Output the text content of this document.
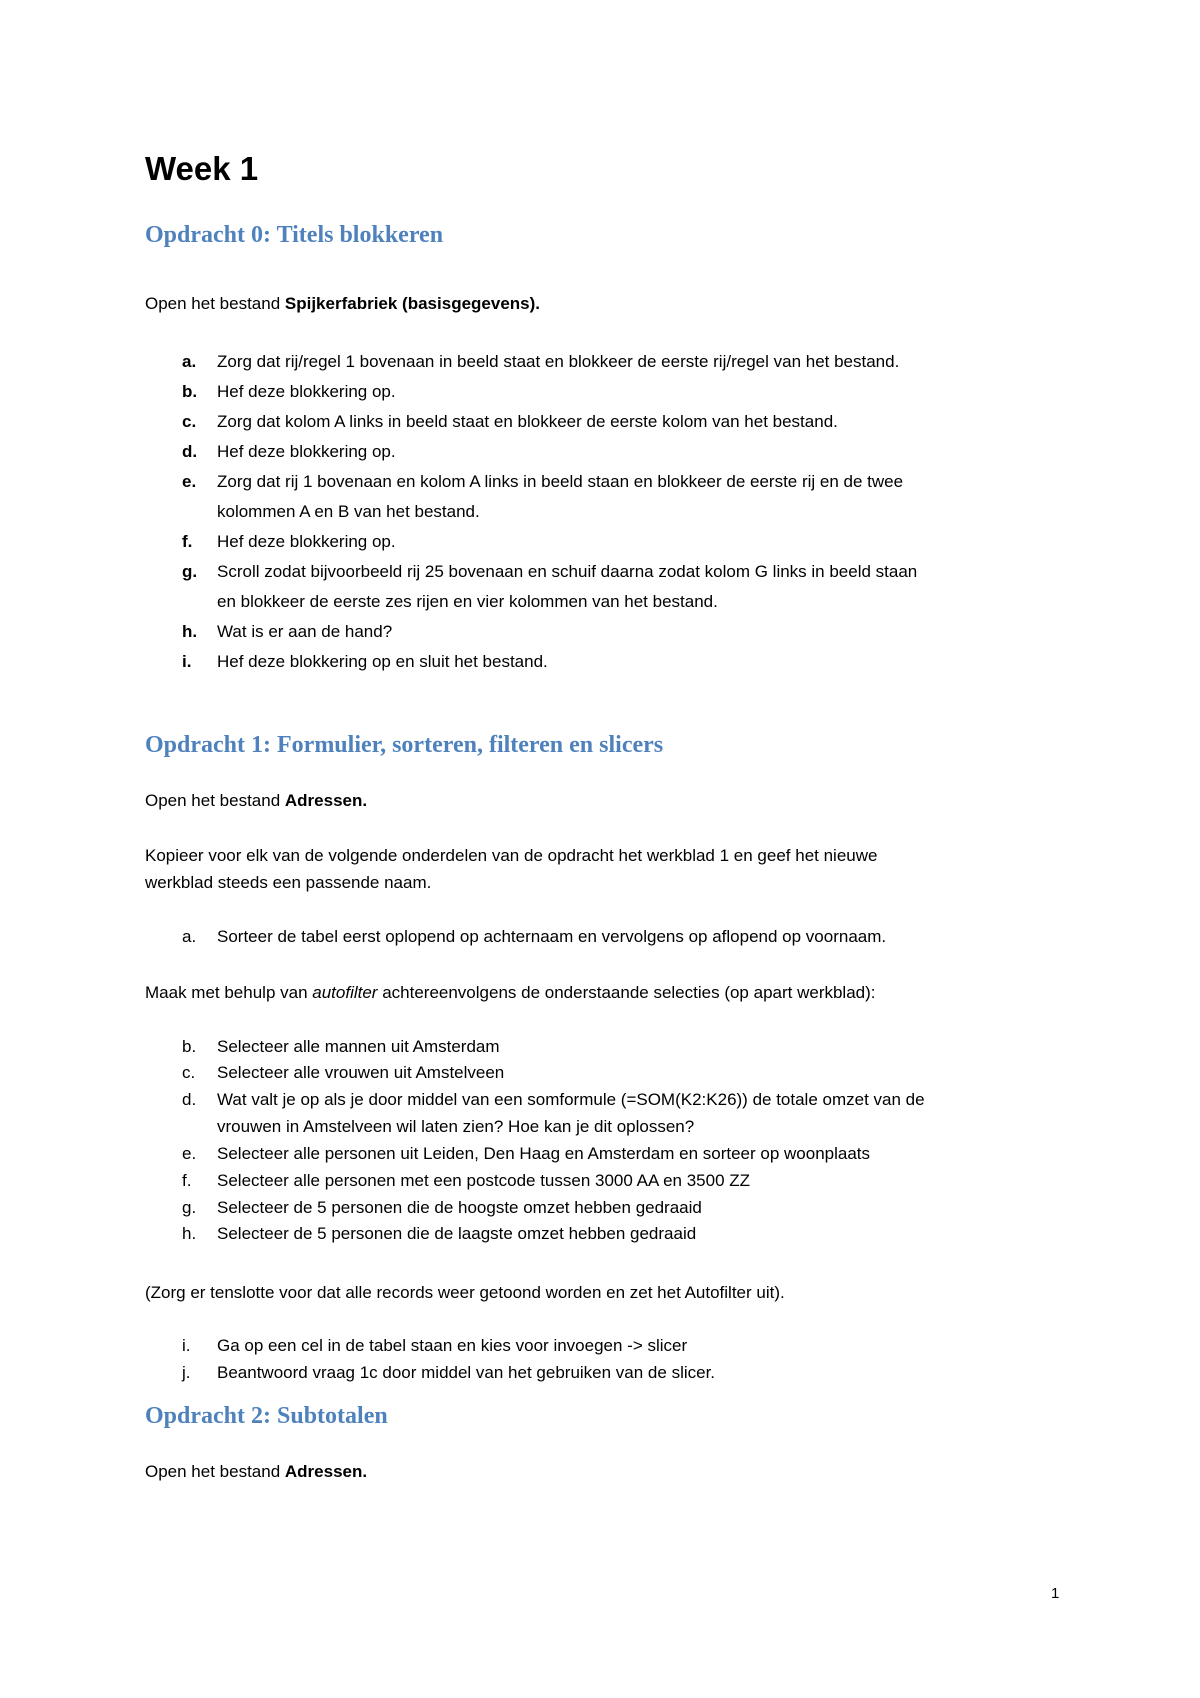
Week 1
Opdracht 0: Titels blokkeren
Open het bestand Spijkerfabriek (basisgegevens).
a. Zorg dat rij/regel 1 bovenaan in beeld staat en blokkeer de eerste rij/regel van het bestand.
b. Hef deze blokkering op.
c. Zorg dat kolom A links in beeld staat en blokkeer de eerste kolom van het bestand.
d. Hef deze blokkering op.
e. Zorg dat rij 1 bovenaan en kolom A links in beeld staan en blokkeer de eerste rij en de twee
kolommen A en B van het bestand.
f. Hef deze blokkering op.
g. Scroll zodat bijvoorbeeld rij 25 bovenaan en schuif daarna zodat kolom G links in beeld staan
en blokkeer de eerste zes rijen en vier kolommen van het bestand.
h. Wat is er aan de hand?
i. Hef deze blokkering op en sluit het bestand.
Opdracht 1: Formulier, sorteren, filteren en slicers
Open het bestand Adressen.
Kopieer voor elk van de volgende onderdelen van de opdracht het werkblad 1 en geef het nieuwe
werkblad steeds een passende naam.
a. Sorteer de tabel eerst oplopend op achternaam en vervolgens op aflopend op voornaam.
Maak met behulp van autofilter achtereenvolgens de onderstaande selecties (op apart werkblad):
b. Selecteer alle mannen uit Amsterdam
c. Selecteer alle vrouwen uit Amstelveen
d. Wat valt je op als je door middel van een somformule (=SOM(K2:K26)) de totale omzet van de
vrouwen in Amstelveen wil laten zien? Hoe kan je dit oplossen?
e. Selecteer alle personen uit Leiden, Den Haag en Amsterdam en sorteer op woonplaats
f. Selecteer alle personen met een postcode tussen 3000 AA en 3500 ZZ
g. Selecteer de 5 personen die de hoogste omzet hebben gedraaid
h. Selecteer de 5 personen die de laagste omzet hebben gedraaid
(Zorg er tenslotte voor dat alle records weer getoond worden en zet het Autofilter uit).
i. Ga op een cel in de tabel staan en kies voor invoegen -> slicer
j. Beantwoord vraag 1c door middel van het gebruiken van de slicer.
Opdracht 2: Subtotalen
Open het bestand Adressen.
1
